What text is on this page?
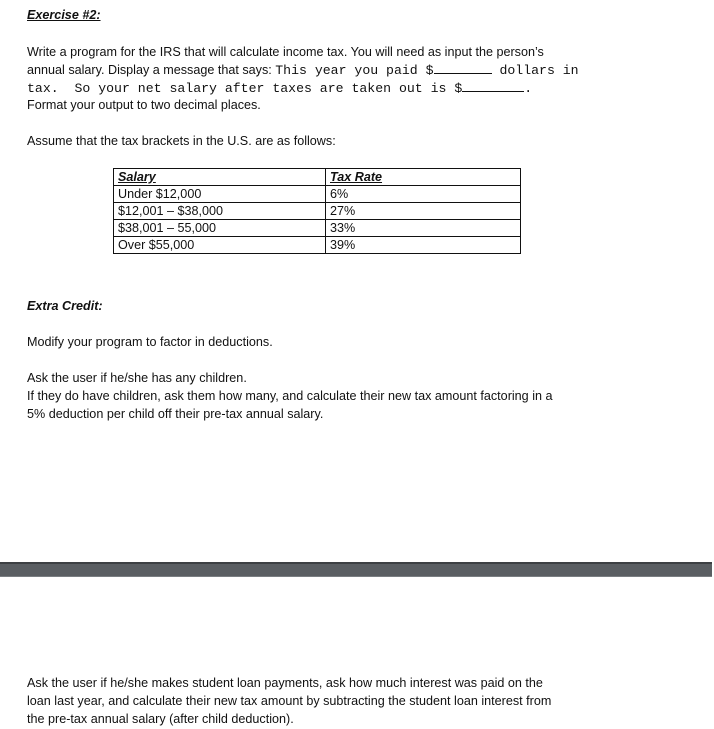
Exercise #2:
Write a program for the IRS that will calculate income tax. You will need as input the person’s
annual salary. Display a message that says: This year you paid $	dollars in
tax.  So your net salary after taxes are taken out is $	.
Format your output to two decimal places.
Assume that the tax brackets in the U.S. are as follows:
Salary	Tax Rate
Under $12,000	6%
$12,001 – $38,000	27%
$38,001 – 55,000	33%
Over $55,000	39%
Extra Credit:
Modify your program to factor in deductions.
Ask the user if he/she has any children.
If they do have children, ask them how many, and calculate their new tax amount factoring in a
5% deduction per child off their pre-tax annual salary.
Ask the user if he/she makes student loan payments, ask how much interest was paid on the
loan last year, and calculate their new tax amount by subtracting the student loan interest from
the pre-tax annual salary (after child deduction).
